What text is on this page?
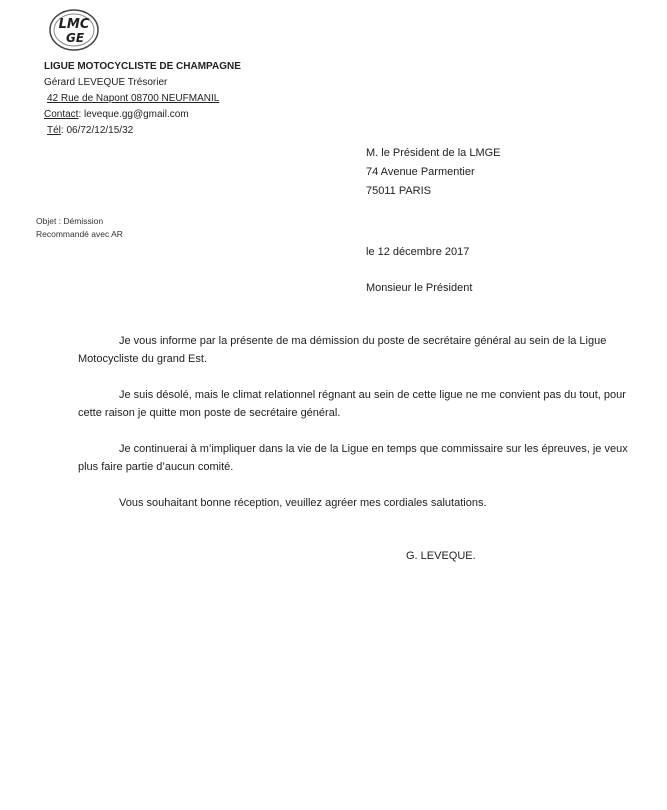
LMC
GE
LIGUE MOTOCYCLISTE DE CHAMPAGNE
Gérard LEVEQUE Trésorier
42 Rue de Napont 08700 NEUFMANIL
Contact: leveque.gg@gmail.com
Tél: 06/72/12/15/32
M. le Président de la LMGE
74 Avenue Parmentier
75011 PARIS
Objet : Démission
Recommandé avec AR
le 12 décembre 2017
Monsieur le Président

Je vous informe par la présente de ma démission du poste de secrétaire général au sein de la Ligue Motocycliste du grand Est.

Je suis désolé, mais le climat relationnel régnant au sein de cette ligue ne me convient pas du tout, pour cette raison je quitte mon poste de secrétaire général.

Je continuerai à m’impliquer dans la vie de la Ligue en temps que commissaire sur les épreuves, je veux plus faire partie d’aucun comité.

Vous souhaitant bonne réception, veuillez agréer mes cordiales salutations.

G. LEVEQUE.
